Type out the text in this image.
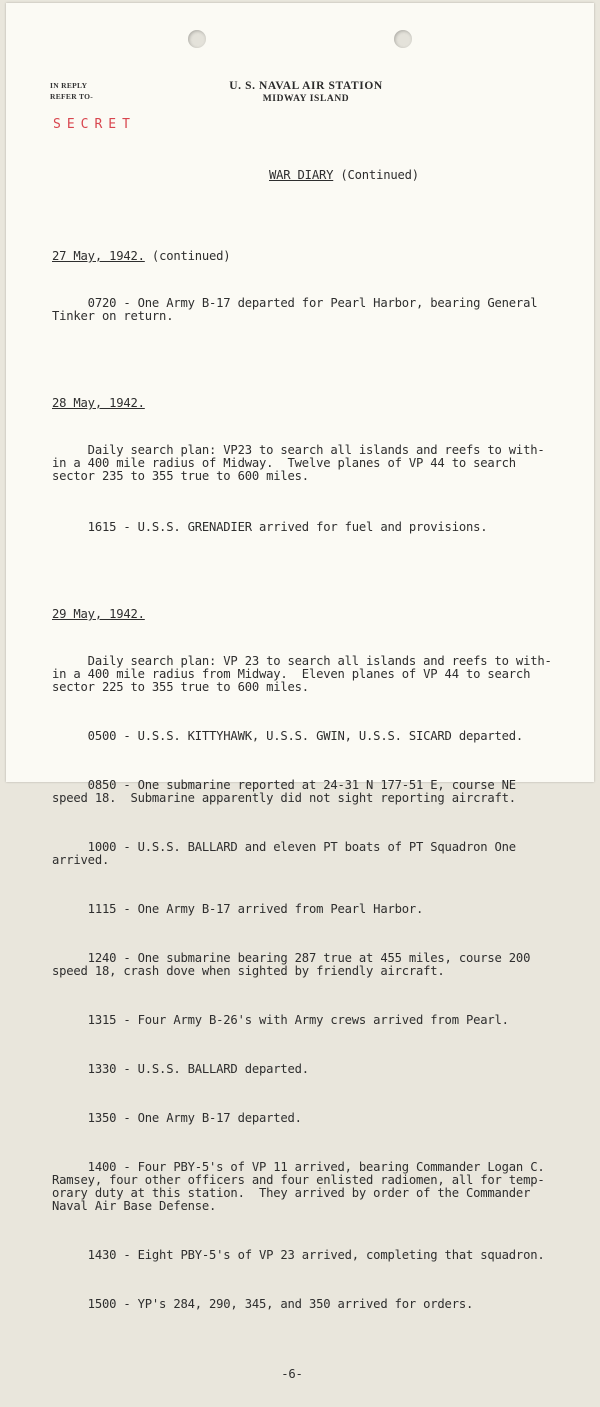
IN REPLY
REFER TO-
U. S. NAVAL AIR STATION
MIDWAY ISLAND
SECRET

WAR DIARY (Continued)

27 May, 1942. (continued)

0720 - One Army B-17 departed for Pearl Harbor, bearing General
Tinker on return.

28 May, 1942.

Daily search plan: VP23 to search all islands and reefs to with-
in a 400 mile radius of Midway.  Twelve planes of VP 44 to search
sector 235 to 355 true to 600 miles.

1615 - U.S.S. GRENADIER arrived for fuel and provisions.

29 May, 1942.

Daily search plan: VP 23 to search all islands and reefs to with-
in a 400 mile radius from Midway.  Eleven planes of VP 44 to search
sector 225 to 355 true to 600 miles.

0500 - U.S.S. KITTYHAWK, U.S.S. GWIN, U.S.S. SICARD departed.

0850 - One submarine reported at 24-31 N 177-51 E, course NE
speed 18.  Submarine apparently did not sight reporting aircraft.

1000 - U.S.S. BALLARD and eleven PT boats of PT Squadron One
arrived.

1115 - One Army B-17 arrived from Pearl Harbor.

1240 - One submarine bearing 287 true at 455 miles, course 200
speed 18, crash dove when sighted by friendly aircraft.

1315 - Four Army B-26's with Army crews arrived from Pearl.

1330 - U.S.S. BALLARD departed.

1350 - One Army B-17 departed.

1400 - Four PBY-5's of VP 11 arrived, bearing Commander Logan C.
Ramsey, four other officers and four enlisted radiomen, all for temp-
orary duty at this station.  They arrived by order of the Commander
Naval Air Base Defense.

1430 - Eight PBY-5's of VP 23 arrived, completing that squadron.

1500 - YP's 284, 290, 345, and 350 arrived for orders.

-6-
